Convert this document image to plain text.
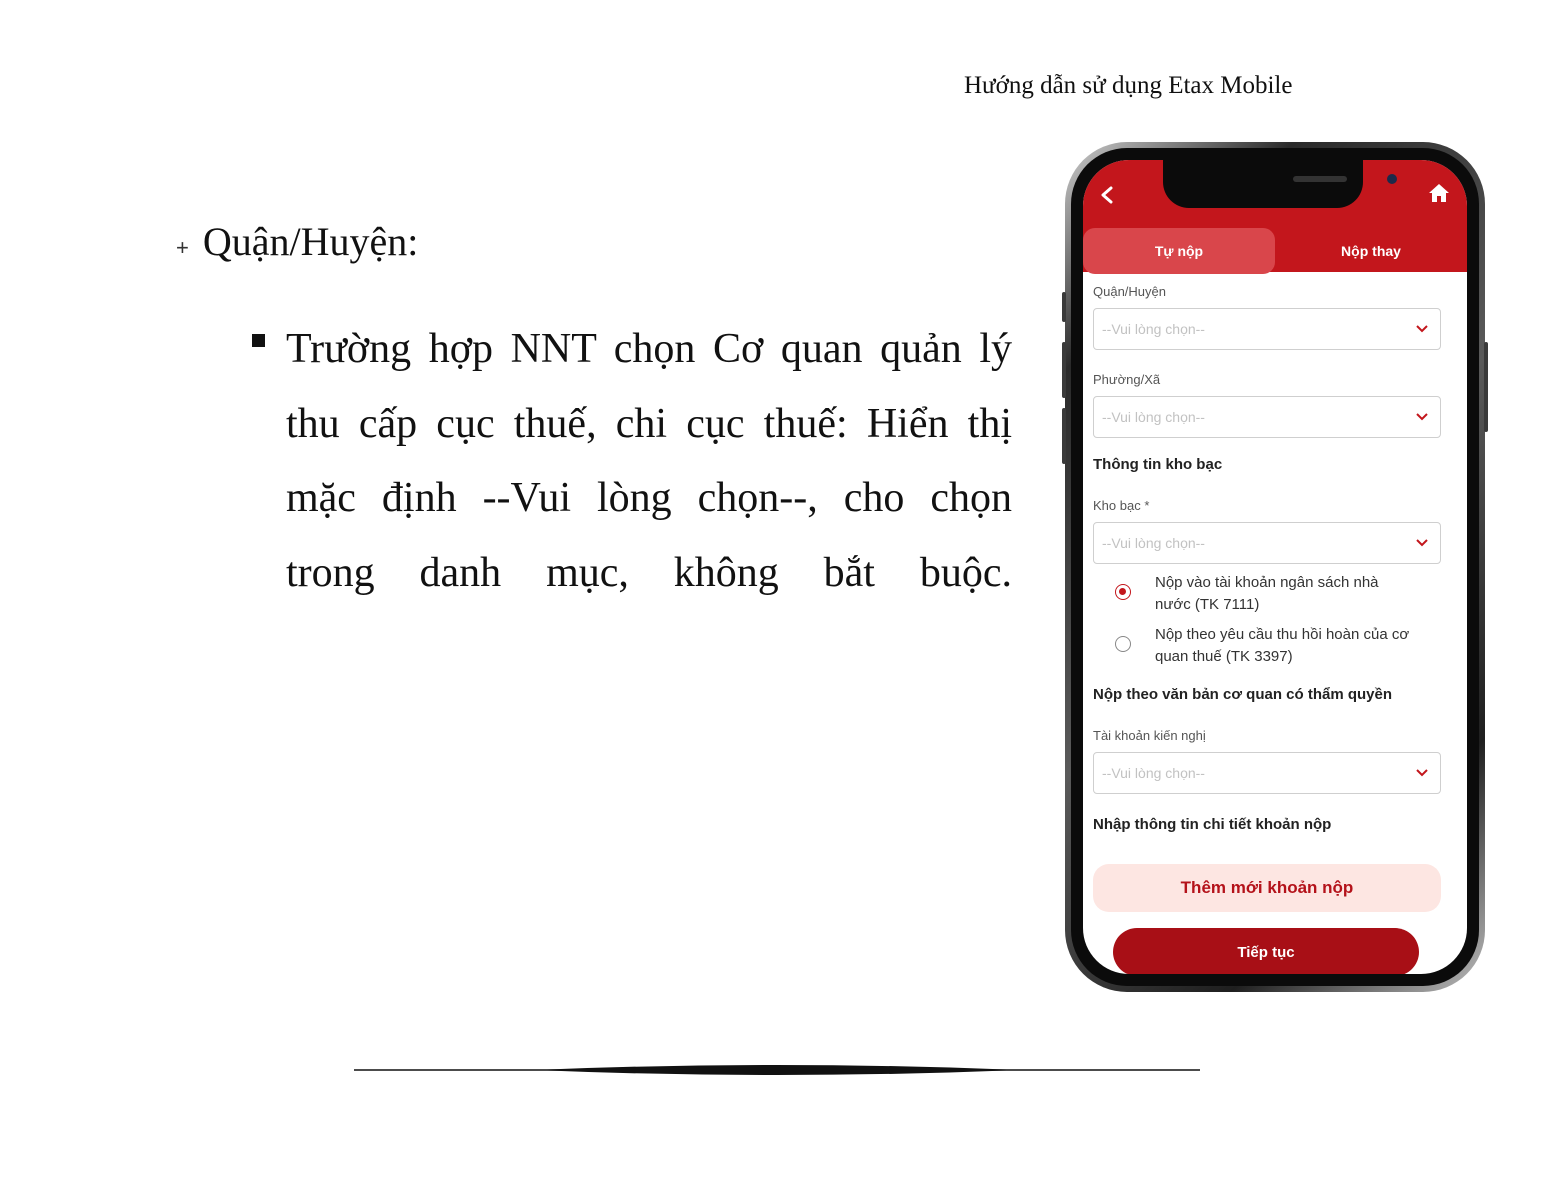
Hướng dẫn sử dụng Etax Mobile
+ Quận/Huyện:

Trường hợp NNT chọn Cơ quan quản lý thu cấp cục thuế, chi cục thuế: Hiển thị mặc định --Vui lòng chọn--, cho chọn trong danh mục, không bắt buộc.

Tự nộp	Nộp thay
Quận/Huyện
--Vui lòng chọn--
Phường/Xã
--Vui lòng chọn--
Thông tin kho bạc
Kho bạc *
--Vui lòng chọn--
Nộp vào tài khoản ngân sách nhà nước (TK 7111)
Nộp theo yêu cầu thu hồi hoàn của cơ quan thuế (TK 3397)
Nộp theo văn bản cơ quan có thẩm quyền
Tài khoản kiến nghị
--Vui lòng chọn--
Nhập thông tin chi tiết khoản nộp
Thêm mới khoản nộp
Tiếp tục
